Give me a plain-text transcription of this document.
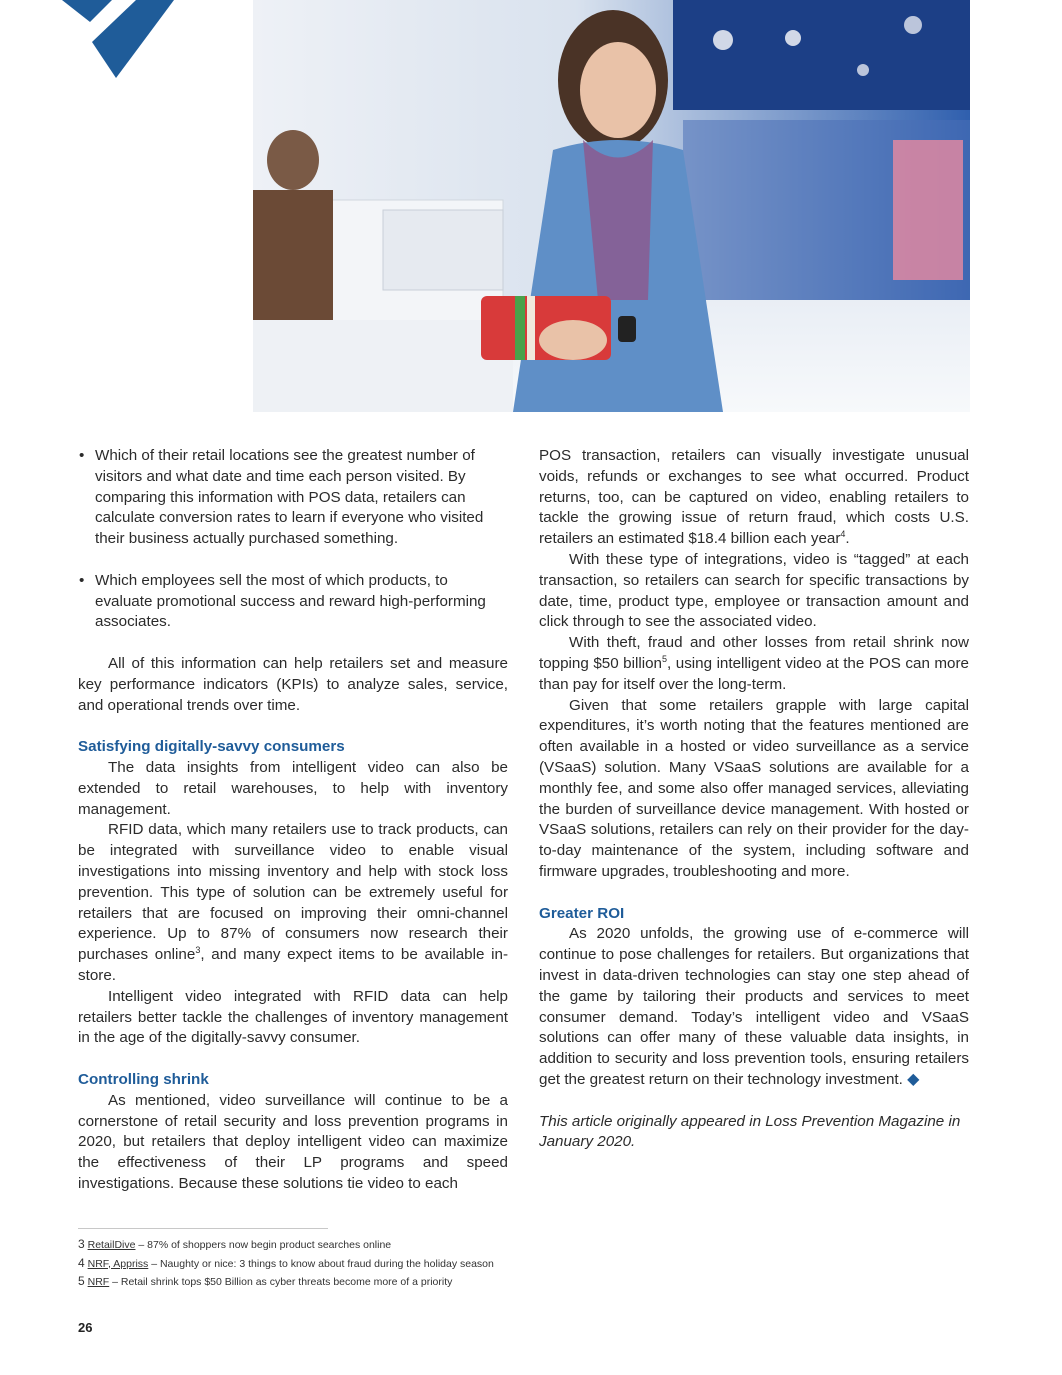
• Which of their retail locations see the greatest number of visitors and what date and time each person visited. By comparing this information with POS data, retailers can calculate conversion rates to learn if everyone who visited their business actually purchased something.
• Which employees sell the most of which products, to evaluate promotional success and reward high-performing associates.

All of this information can help retailers set and measure key performance indicators (KPIs) to analyze sales, service, and operational trends over time.

Satisfying digitally-savvy consumers

The data insights from intelligent video can also be extended to retail warehouses, to help with inventory management.

RFID data, which many retailers use to track products, can be integrated with surveillance video to enable visual investigations into missing inventory and help with stock loss prevention. This type of solution can be extremely useful for retailers that are focused on improving their omni-channel experience. Up to 87% of consumers now research their purchases online$^3$, and many expect items to be available in-store.

Intelligent video integrated with RFID data can help retailers better tackle the challenges of inventory management in the age of the digitally-savvy consumer.

Controlling shrink

As mentioned, video surveillance will continue to be a cornerstone of retail security and loss prevention programs in 2020, but retailers that deploy intelligent video can maximize the effectiveness of their LP programs and speed investigations. Because these solutions tie video to each

POS transaction, retailers can visually investigate unusual voids, refunds or exchanges to see what occurred. Product returns, too, can be captured on video, enabling retailers to tackle the growing issue of return fraud, which costs U.S. retailers an estimated $18.4 billion each year$^4$.

With these type of integrations, video is “tagged” at each transaction, so retailers can search for specific transactions by date, time, product type, employee or transaction amount and click through to see the associated video.

With theft, fraud and other losses from retail shrink now topping $50 billion$^5$, using intelligent video at the POS can more than pay for itself over the long-term.

Given that some retailers grapple with large capital expenditures, it’s worth noting that the features mentioned are often available in a hosted or video surveillance as a service (VSaaS) solution. Many VSaaS solutions are available for a monthly fee, and some also offer managed services, alleviating the burden of surveillance device management. With hosted or VSaaS solutions, retailers can rely on their provider for the day-to-day maintenance of the system, including software and firmware upgrades, troubleshooting and more.

Greater ROI

As 2020 unfolds, the growing use of e-commerce will continue to pose challenges for retailers. But organizations that invest in data-driven technologies can stay one step ahead of the game by tailoring their products and services to meet consumer demand. Today’s intelligent video and VSaaS solutions can offer many of these valuable data insights, in addition to security and loss prevention tools, ensuring retailers get the greatest return on their technology investment. ◆

This article originally appeared in Loss Prevention Magazine in January 2020.

3 RetailDive – 87% of shoppers now begin product searches online
4 NRF, Appriss – Naughty or nice: 3 things to know about fraud during the holiday season
5 NRF – Retail shrink tops $50 Billion as cyber threats become more of a priority
26
